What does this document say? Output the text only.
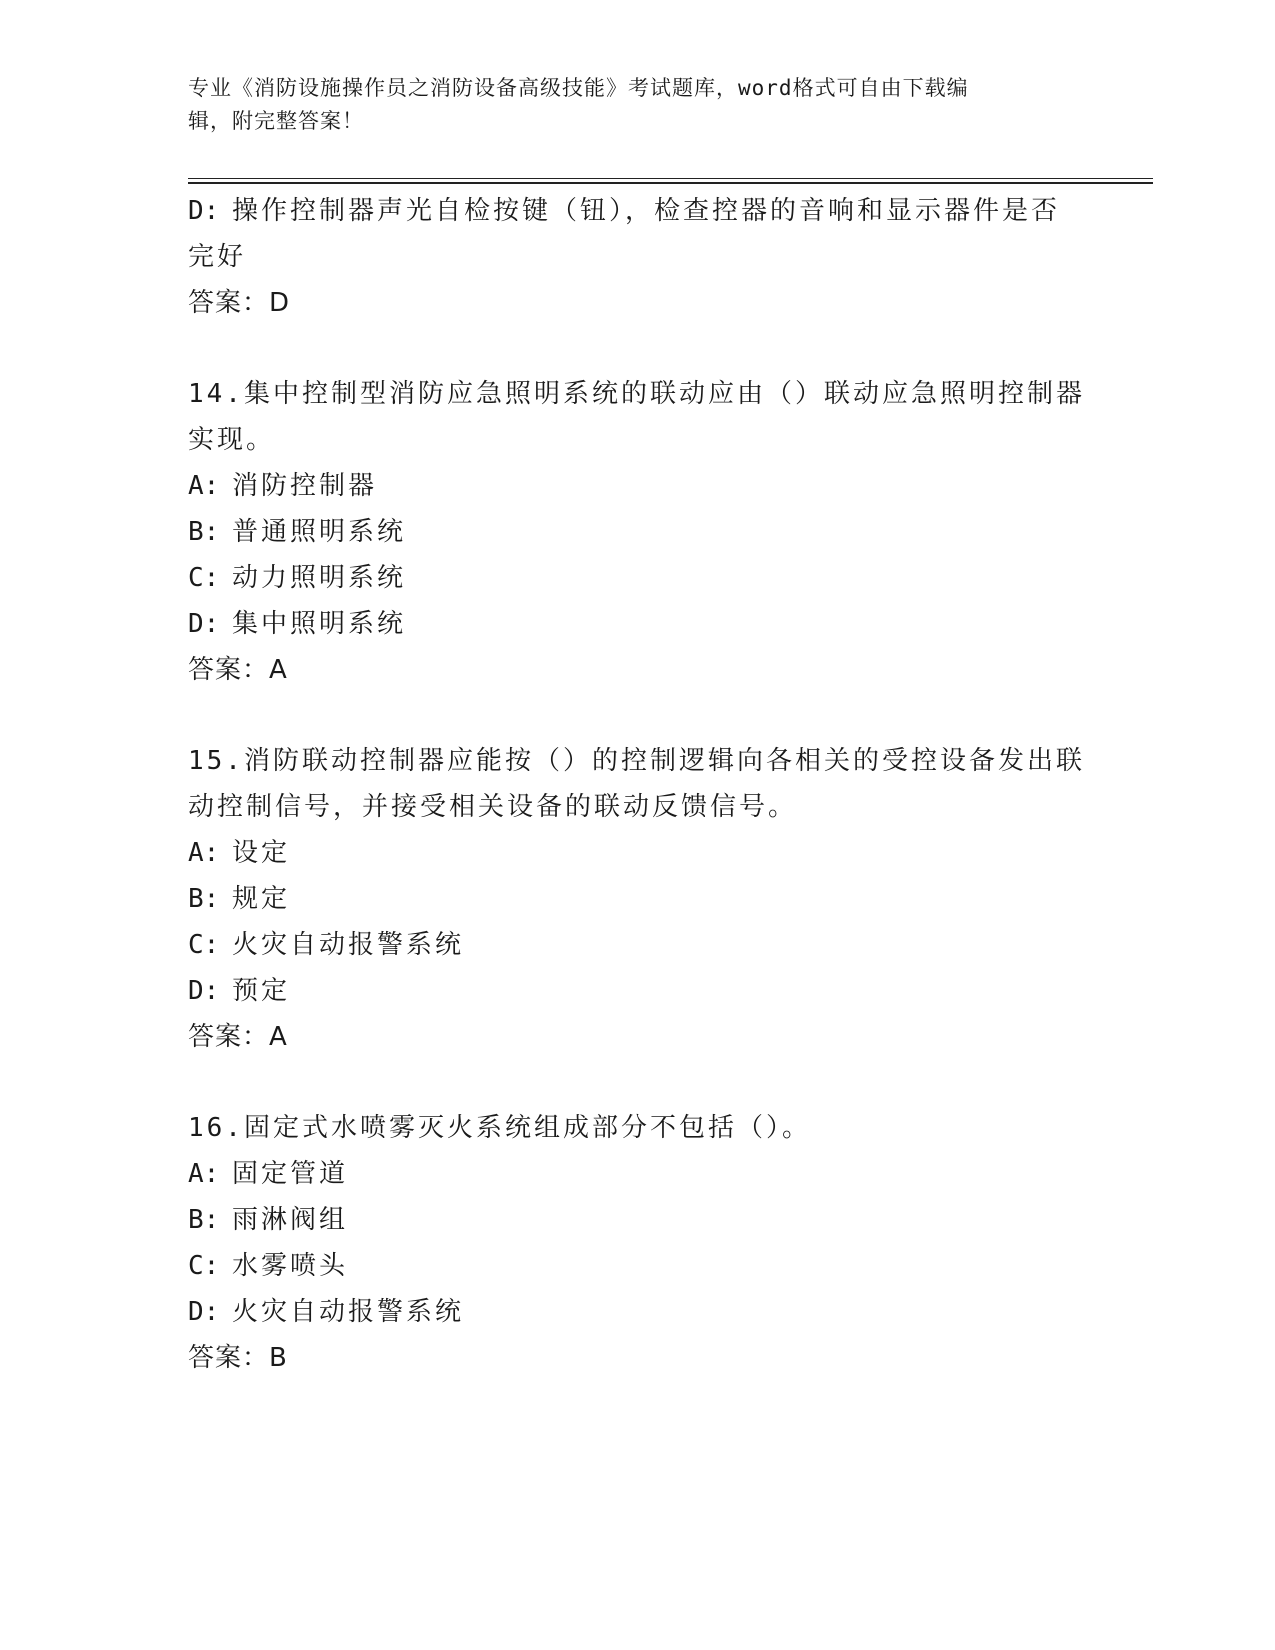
专业《消防设施操作员之消防设备高级技能》考试题库，word格式可自由下载编
辑，附完整答案！
D: 操作控制器声光自检按键（钮），检查控器的音响和显示器件是否
完好
答案：D
14.集中控制型消防应急照明系统的联动应由（）联动应急照明控制器
实现。
A: 消防控制器
B: 普通照明系统
C: 动力照明系统
D: 集中照明系统
答案：A
15.消防联动控制器应能按（）的控制逻辑向各相关的受控设备发出联
动控制信号，并接受相关设备的联动反馈信号。
A: 设定
B: 规定
C: 火灾自动报警系统
D: 预定
答案：A
16.固定式水喷雾灭火系统组成部分不包括（）。
A: 固定管道
B: 雨淋阀组
C: 水雾喷头
D: 火灾自动报警系统
答案：B
